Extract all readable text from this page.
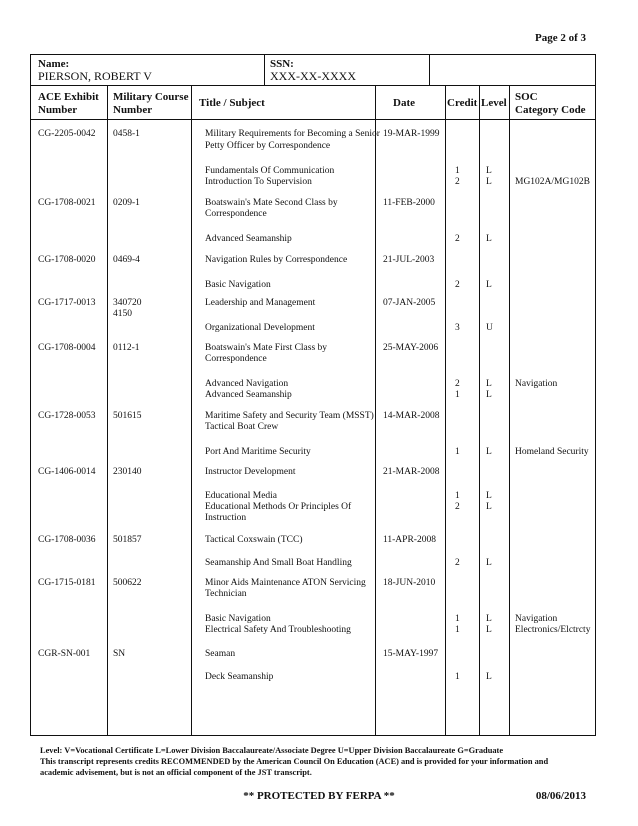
Page 2 of 3
Name:
PIERSON, ROBERT V
SSN:
XXX-XX-XXXX
ACE Exhibit
Number
Military Course
Number
Title / Subject	Date	Credit Level SOC
Category Code
CG-2205-0042 0458-1	Military Requirements for Becoming a Senior 19-MAR-1999
Petty Officer by Correspondence
Fundamentals Of Communication	1	L
Introduction To Supervision	2	L MG102A/MG102B
CG-1708-0021 0209-1	Boatswain's Mate Second Class by	11-FEB-2000
Correspondence
Advanced Seamanship	2	L
CG-1708-0020 0469-4	Navigation Rules by Correspondence	21-JUL-2003
Basic Navigation	2	L
CG-1717-0013 340720	Leadership and Management	07-JAN-2005
4150
Organizational Development	3	U
CG-1708-0004 0112-1	Boatswain's Mate First Class by	25-MAY-2006
Correspondence
Advanced Navigation	2	L Navigation
Advanced Seamanship	1	L
CG-1728-0053 501615	Maritime Safety and Security Team (MSST) 14-MAR-2008
Tactical Boat Crew
Port And Maritime Security	1	L Homeland Security
CG-1406-0014 230140	Instructor Development	21-MAR-2008
Educational Media	1	L
Educational Methods Or Principles Of	2	L
Instruction
CG-1708-0036 501857	Tactical Coxswain (TCC)	11-APR-2008
Seamanship And Small Boat Handling	2	L
CG-1715-0181 500622	Minor Aids Maintenance ATON Servicing 18-JUN-2010
Technician
Basic Navigation	1	L Navigation
Electrical Safety And Troubleshooting	1	L Electronics/Elctrcty
CGR-SN-001 SN	Seaman	15-MAY-1997
Deck Seamanship	1	L
Level: V=Vocational Certificate L=Lower Division Baccalaureate/Associate Degree U=Upper Division Baccalaureate G=Graduate
This transcript represents credits RECOMMENDED by the American Council On Education (ACE) and is provided for your information and
academic advisement, but is not an official component of the JST transcript.
** PROTECTED BY FERPA **	08/06/2013
